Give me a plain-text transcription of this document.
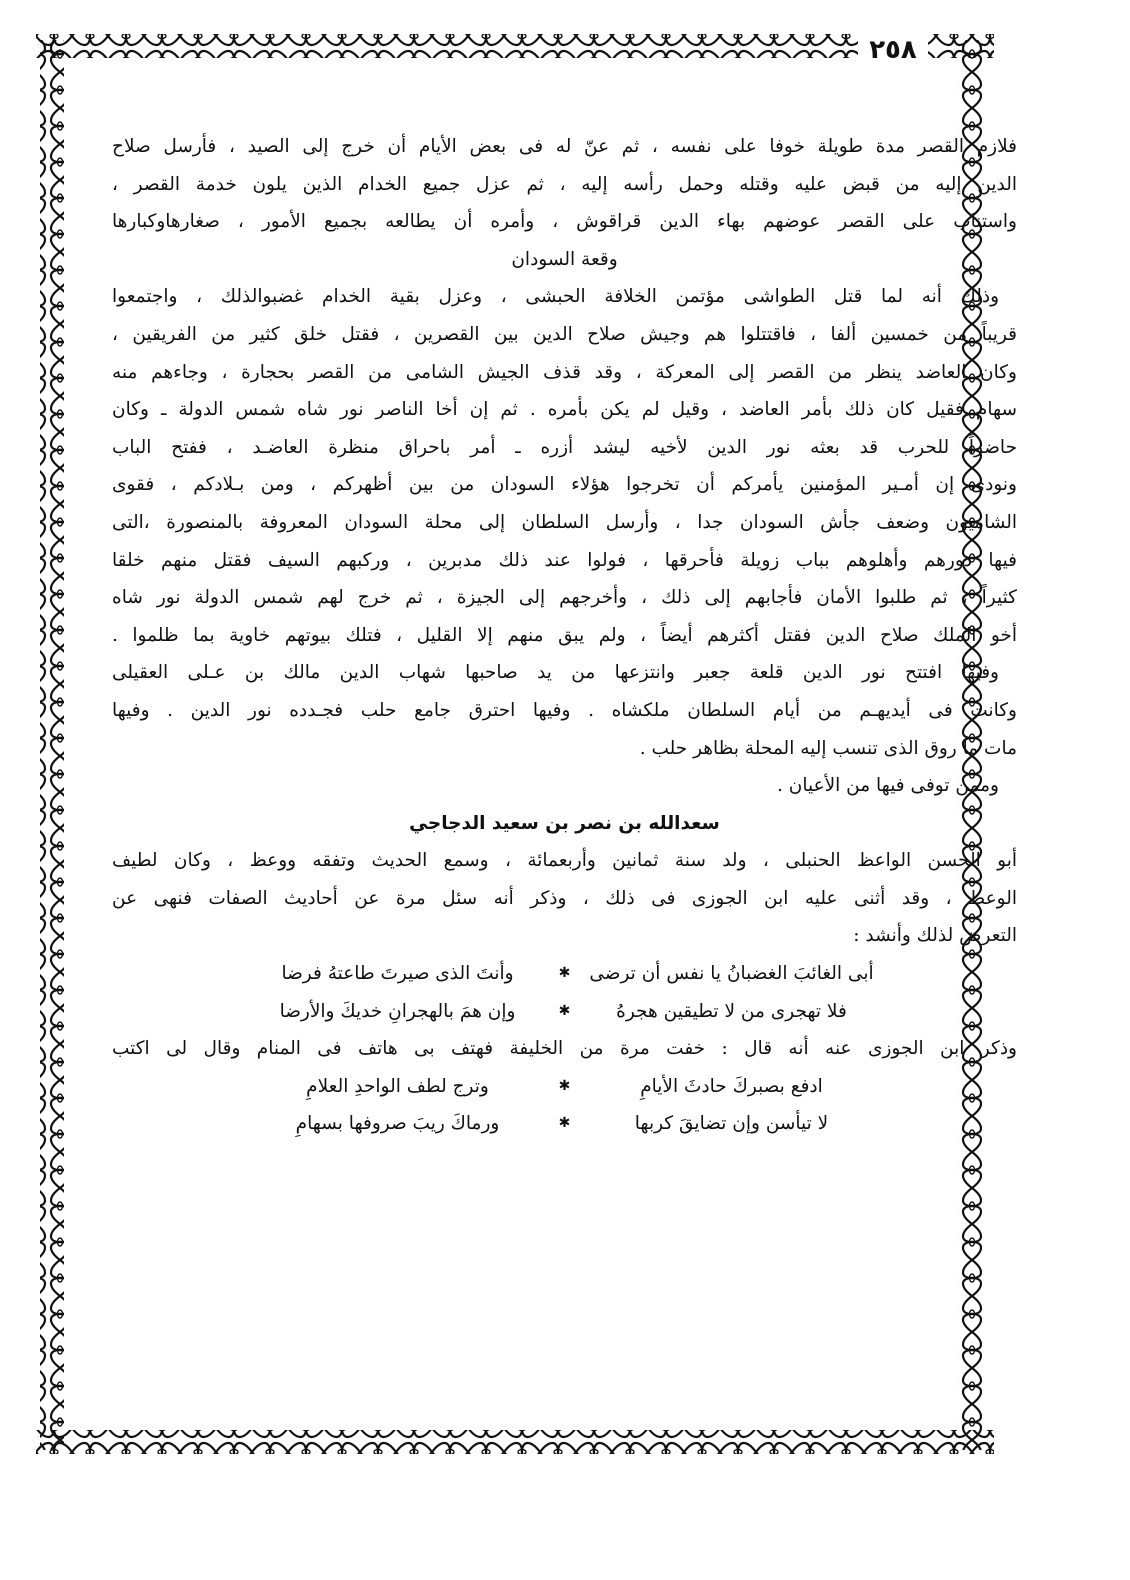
٢٥٨
فلازم القصر مدة طويلة خوفا على نفسه ، ثم عنّ له فى بعض الأيام أن خرج إلى الصيد ، فأرسل صلاح
الدين إليه من قبض عليه وقتله وحمل رأسه إليه ، ثم عزل جميع الخدام الذين يلون خدمة القصر ،
واستناب على القصر عوضهم بهاء الدين قراقوش ، وأمره أن يطالعه بجميع الأمور ، صغارهاوكبارها
وقعة السودان
وذلك أنه لما قتل الطواشى مؤتمن الخلافة الحبشى ، وعزل بقية الخدام غضبوالذلك ، واجتمعوا
قريباً من خمسين ألفا ، فاقتتلوا هم وجيش صلاح الدين بين القصرين ، فقتل خلق كثير من الفريقين ،
وكان العاضد ينظر من القصر إلى المعركة ، وقد قذف الجيش الشامى من القصر بحجارة ، وجاءهم منه
سهام فقيل كان ذلك بأمر العاضد ، وقيل لم يكن بأمره . ثم إن أخا الناصر نور شاه شمس الدولة ـ وكان
حاضراً للحرب قد بعثه نور الدين لأخيه ليشد أزره ـ أمر باحراق منظرة العاضـد ، ففتح الباب
ونودى إن أمـير المؤمنين يأمركم أن تخرجوا هؤلاء السودان من بين أظهركم ، ومن بـلادكم ، فقوى
الشاميون وضعف جأش السودان جدا ، وأرسل السلطان إلى محلة السودان المعروفة بالمنصورة ،التى
فيها دورهم وأهلوهم بباب زويلة فأحرقها ، فولوا عند ذلك مدبرين ، وركبهم السيف فقتل منهم خلقا
كثيراً ، ثم طلبوا الأمان فأجابهم إلى ذلك ، وأخرجهم إلى الجيزة ، ثم خرج لهم شمس الدولة نور شاه
أخو الملك صلاح الدين فقتل أكثرهم أيضاً ، ولم يبق منهم إلا القليل ، فتلك بيوتهم خاوية بما ظلموا .
وفيها افتتح نور الدين قلعة جعبر وانتزعها من يد صاحبها شهاب الدين مالك بن عـلى العقيلى
وكانت فى أيديهـم من أيام السلطان ملكشاه . وفيها احترق جامع حلب فجـدده نور الدين . وفيها
مات ما روق الذى تنسب إليه المحلة بظاهر حلب .
وممن توفى فيها من الأعيان .
سعدالله بن نصر بن سعيد الدجاجي
أبو الحسن الواعظ الحنبلى ، ولد سنة ثمانين وأربعمائة ، وسمع الحديث وتفقه ووعظ ، وكان لطيف
الوعظ ، وقد أثنى عليه ابن الجوزى فى ذلك ، وذكر أنه سئل مرة عن أحاديث الصفات فنهى عن
التعرض لذلك وأنشد :
أبى الغائبَ الغضبانُ يا نفس أن ترضى
✱
وأنتَ الذى صيرتَ طاعتهُ فرضا
فلا تهجرى من لا تطيقين هجرهُ
✱
وإن همَ بالهجرانِ خديكَ والأرضا
وذكر ابن الجوزى عنه أنه قال : خفت مرة من الخليفة فهتف بى هاتف فى المنام وقال لى اكتب
ادفع بصبركَ حادثَ الأيامِ
✱
وترج لطف الواحدِ العلامِ
لا تيأسن وإن تضايقَ كربها
✱
ورماكَ ريبَ صروفها بسهامِ
